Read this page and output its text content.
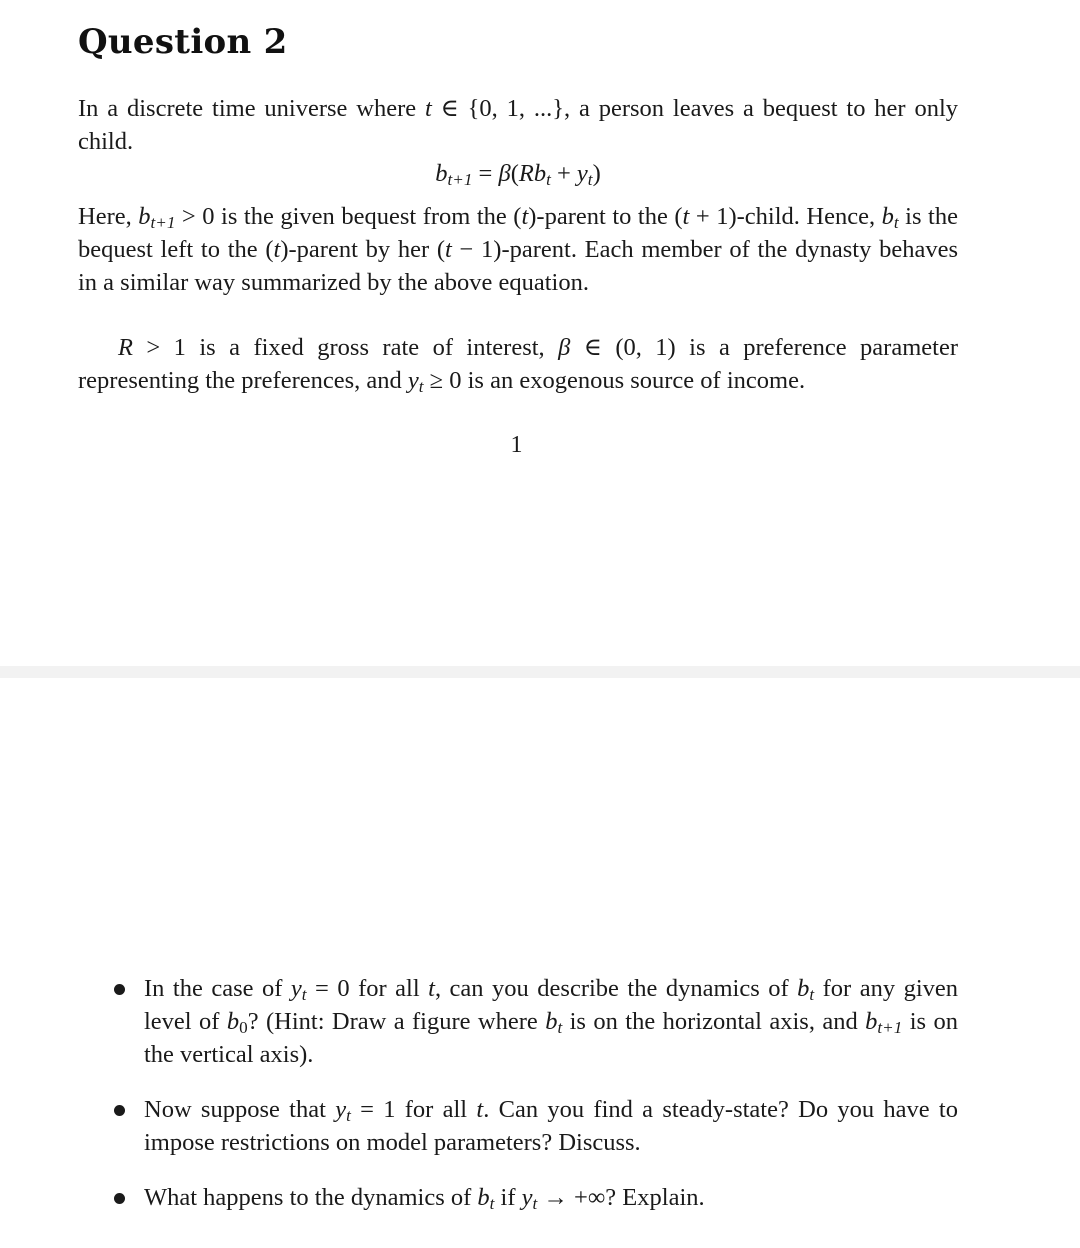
Question 2

In a discrete time universe where t ∈ {0, 1, ...}, a person leaves a bequest to her only child.

$b_{t+1} = \beta(Rb_t + y_t)$

Here, $b_{t+1} > 0$ is the given bequest from the (t)-parent to the (t + 1)-child. Hence, $b_t$ is the bequest left to the (t)-parent by her (t − 1)-parent. Each member of the dynasty behaves in a similar way summarized by the above equation.

R > 1 is a fixed gross rate of interest, β ∈ (0, 1) is a preference parameter representing the preferences, and $y_t \ge 0$ is an exogenous source of income.

1
In the case of $y_t = 0$ for all t, can you describe the dynamics of $b_t$ for any given level of $b_0$? (Hint: Draw a figure where $b_t$ is on the horizontal axis, and $b_{t+1}$ is on the vertical axis).
Now suppose that $y_t = 1$ for all t. Can you find a steady-state? Do you have to impose restrictions on model parameters? Discuss.
What happens to the dynamics of $b_t$ if $y_t$ → +∞? Explain.
